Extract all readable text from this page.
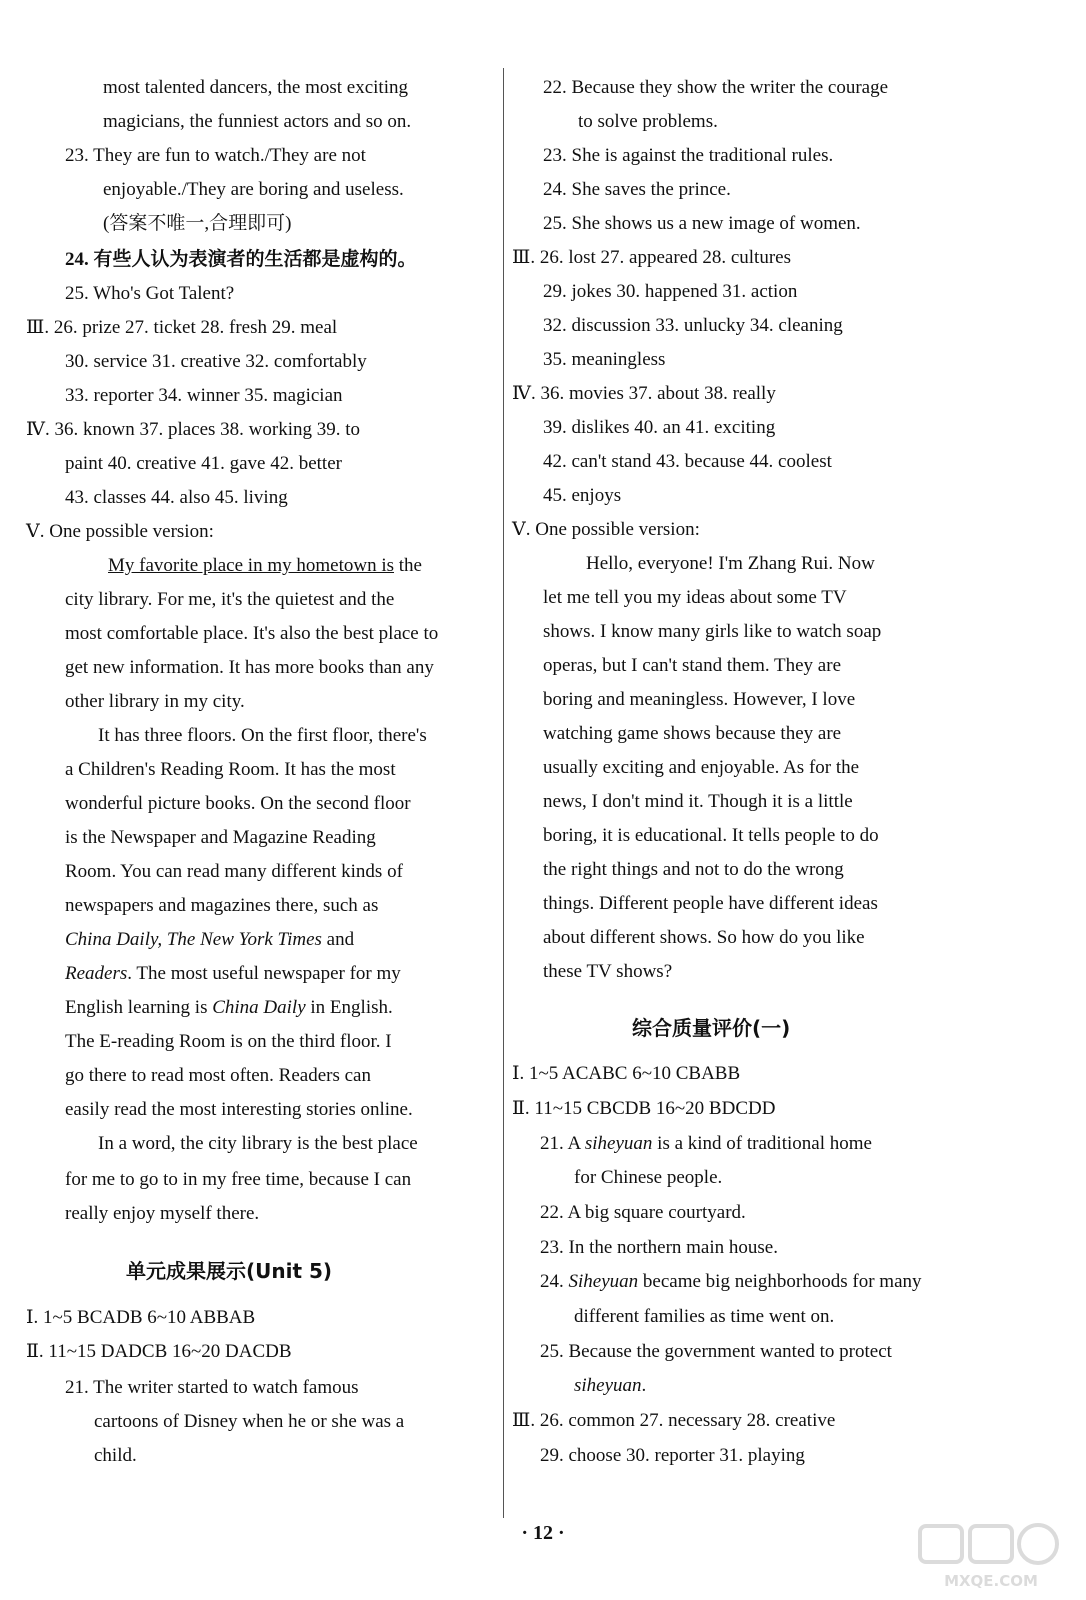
most talented dancers, the most exciting
magicians, the funniest actors and so on.
23. They are fun to watch./They are not
enjoyable./They are boring and useless.
(答案不唯一,合理即可)
24. 有些人认为表演者的生活都是虚构的。
25. Who's Got Talent?
Ⅲ. 26. prize 27. ticket 28. fresh 29. meal
30. service 31. creative 32. comfortably
33. reporter 34. winner 35. magician
Ⅳ. 36. known 37. places 38. working 39. to
paint 40. creative 41. gave 42. better
43. classes 44. also 45. living
Ⅴ. One possible version:
My favorite place in my hometown is the
city library. For me, it's the quietest and the
most comfortable place. It's also the best place to
get new information. It has more books than any
other library in my city.
It has three floors. On the first floor, there's
a Children's Reading Room. It has the most
wonderful picture books. On the second floor
is the Newspaper and Magazine Reading
Room. You can read many different kinds of
newspapers and magazines there, such as
China Daily, The New York Times and
Readers. The most useful newspaper for my
English learning is China Daily in English.
The E-reading Room is on the third floor. I
go there to read most often. Readers can
easily read the most interesting stories online.
In a word, the city library is the best place
for me to go to in my free time, because I can
really enjoy myself there.
单元成果展示(Unit 5)
Ⅰ. 1~5 BCADB 6~10 ABBAB
Ⅱ. 11~15 DADCB 16~20 DACDB
21. The writer started to watch famous
cartoons of Disney when he or she was a
child.
22. Because they show the writer the courage
to solve problems.
23. She is against the traditional rules.
24. She saves the prince.
25. She shows us a new image of women.
Ⅲ. 26. lost 27. appeared 28. cultures
29. jokes 30. happened 31. action
32. discussion 33. unlucky 34. cleaning
35. meaningless
Ⅳ. 36. movies 37. about 38. really
39. dislikes 40. an 41. exciting
42. can't stand 43. because 44. coolest
45. enjoys
Ⅴ. One possible version:
Hello, everyone! I'm Zhang Rui. Now
let me tell you my ideas about some TV
shows. I know many girls like to watch soap
operas, but I can't stand them. They are
boring and meaningless. However, I love
watching game shows because they are
usually exciting and enjoyable. As for the
news, I don't mind it. Though it is a little
boring, it is educational. It tells people to do
the right things and not to do the wrong
things. Different people have different ideas
about different shows. So how do you like
these TV shows?
综合质量评价(一)
Ⅰ. 1~5 ACABC 6~10 CBABB
Ⅱ. 11~15 CBCDB 16~20 BDCDD
21. A siheyuan is a kind of traditional home
for Chinese people.
22. A big square courtyard.
23. In the northern main house.
24. Siheyuan became big neighborhoods for many
different families as time went on.
25. Because the government wanted to protect
siheyuan.
Ⅲ. 26. common 27. necessary 28. creative
29. choose 30. reporter 31. playing
· 12 ·
MXQE.COM
